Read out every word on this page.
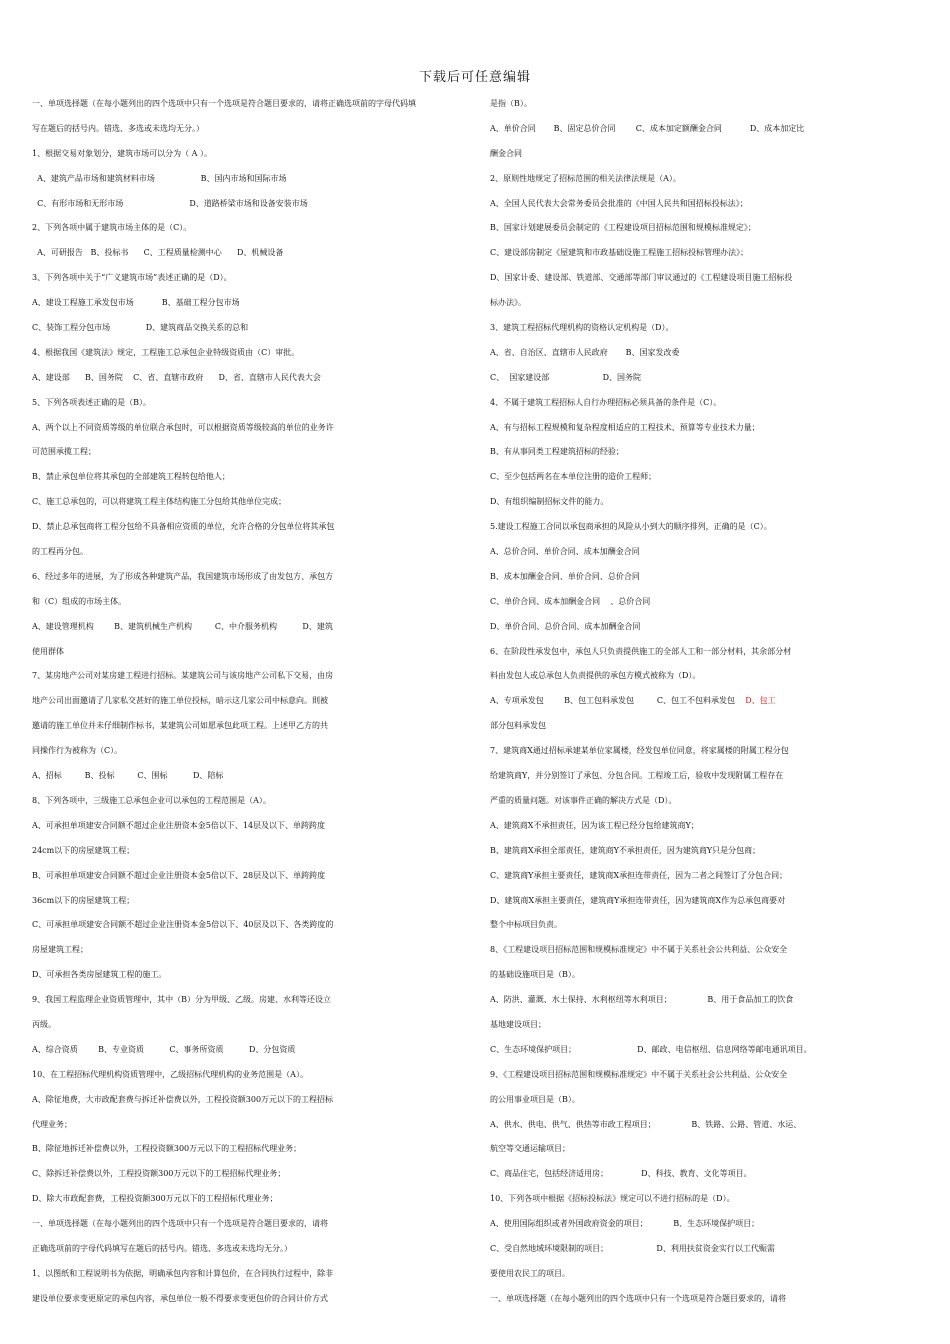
下载后可任意编辑
一、单项选择题（在每小题列出的四个选项中只有一个选项是符合题目要求的，请将正确选项前的字母代码填
写在题后的括号内。错选、多选或未选均无分。）
1、根据交易对象划分，建筑市场可以分为（ A ）。
A、建筑产品市场和建筑材料市场                  B、国内市场和国际市场
C、有形市场和无形市场                          D、道路桥梁市场和设备安装市场
2、下列各项中属于建筑市场主体的是（C）。
A、可研报告   B、投标书      C、工程质量检测中心      D、机械设备
3、下列各项中关于“广义建筑市场”表述正确的是（D）。
A、建设工程施工承发包市场           B、基础工程分包市场
C、装饰工程分包市场              D、建筑商品交换关系的总和
4、根据我国《建筑法》规定，工程施工总承包企业特级资质由（C）审批。
A、建设部      B、国务院    C、省、直辖市政府      D、省、直辖市人民代表大会
5、下列各项表述正确的是（B）。
A、两个以上不同资质等级的单位联合承包时，可以根据资质等级较高的单位的业务许
可范围承揽工程；
B、禁止承包单位将其承包的全部建筑工程转包给他人；
C、施工总承包的，可以将建筑工程主体结构施工分包给其他单位完成；
D、禁止总承包商将工程分包给不具备相应资质的单位，允许合格的分包单位将其承包
的工程再分包。
6、经过多年的进展，为了形成各种建筑产品，我国建筑市场形成了由发包方、承包方
和（C）组成的市场主体。
A、建设管理机构        B、建筑机械生产机构         C、中介服务机构          D、建筑
使用群体
7、某房地产公司对某房建工程进行招标。某建筑公司与该房地产公司私下交易，由房
地产公司出面邀请了几家私交甚好的施工单位投标，暗示这几家公司中标意向。則被
邀请的施工单位并未仔细制作标书，某建筑公司如愿承包此项工程。上述甲乙方的共
同操作行为被称为（C）。
A、招标         B、投标         C、围标          D、陪标
8、下列各项中，三级施工总承包企业可以承包的工程范围是（A）。
A、可承担单项建安合同额不超过企业注册资本金5倍以下、14层及以下、单跨跨度
24cm以下的房屋建筑工程；
B、可承担单项建安合同额不超过企业注册资本金5倍以下、28层及以下、单跨跨度
36cm以下的房屋建筑工程；
C、可承担单项建安合同额不超过企业注册资本金5倍以下、40层及以下、各类跨度的
房屋建筑工程；
D、可承担各类房屋建筑工程的施工。
9、我国工程监理企业资质管理中，其中（B）分为甲级、乙级。房建、水利等还设立
丙级。
A、综合资质        B、专业资质          C、事务所资质          D、分包资质
10、在工程招标代理机构资质管理中，乙级招标代理机构的业务范围是（A）。
A、除征地费，大市政配套费与拆迁补偿费以外，工程投资额300万元以下的工程招标
代理业务；
B、除征地拆迁补偿费以外，工程投资额300万元以下的工程招标代理业务；
C、除拆迁补偿费以外，工程投资额300万元以下的工程招标代理业务；
D、除大市政配套费，工程投资额300万元以下的工程招标代理业务；
一、单项选择题（在每小题列出的四个选项中只有一个选项是符合题目要求的，请将
正确选项前的字母代码填写在题后的括号内。错选、多选或未选均无分。）
1、以图纸和工程说明书为依据，明确承包内容和计算包价，在合同执行过程中，除非
建设单位要求变更原定的承包内容，承包单位一般不得要求变更包价的合同计价方式
是指（B）。
A、单价合同       B、固定总价合同        C、成本加定额酬金合同           D、成本加定比
酬金合同
2、原则性地规定了招标范围的相关法律法规是（A）。
A、全国人民代表大会常务委员会批准的《中国人民共和国招标投标法》；
B、国家计划建展委员会制定的《工程建设项目招标范围和规模标准规定》；
C、建设部房制定《屋建筑和市政基础设施工程施工招标投标管理办法》；
D、国家计委、建设部、铁道部、交通部等部门审议通过的《工程建设项目施工招标投
标办法》。
3、建筑工程招标代理机构的资格认定机构是（D）。
A、省、自治区、直辖市人民政府       B、国家发改委
C、  国家建设部                     D、国务院
4、不属于建筑工程招标人自行办理招标必须具备的条件是（C）。
A、有与招标工程规模和复杂程度相适应的工程技术、预算等专业技术力量；
B、有从事同类工程建筑招标的经验；
C、至少包括两名在本单位注册的造价工程师；
D、有组织编制招标文件的能力。
5.建设工程施工合同以承包商承担的风险从小到大的顺序排列，正确的是（C）。
A、总价合同、单价合同、成本加酬金合同
B、成本加酬金合同、单价合同、总价合同
C、单价合同、成本加酬金合同    、总价合同
D、单价合同、总价合同、成本加酬金合同
6、在阶段性承发包中，承包人只负责提供施工的全部人工和一部分材料，其余部分材
料由发包人或总承包人负责提供的承包方模式被称为（D）。
A、专项承发包        B、包工包料承发包         C、包工不包料承发包 D、包工
部分包料承发包
7、建筑商X通过招标承建某单位家属楼，经发包单位同意，将家属楼的附属工程分包
给建筑商Y，并分别签订了承包、分包合同。工程竣工后，验收中发现附属工程存在
严重的质量问题。对该事件正确的解决方式是（D）。
A、建筑商X不承担责任，因为该工程已经分包给建筑商Y；
B、建筑商X承担全部责任，建筑商Y不承担责任，因为建筑商Y只是分包商；
C、建筑商Y承担主要责任，建筑商X承担连带责任，因为二者之间签订了分包合同；
D、建筑商X承担主要责任，建筑商Y承担连带责任，因为建筑商X作为总承包商要对
整个中标项目负责。
8、《工程建设项目招标范围和规模标准规定》中不属于关系社会公共利益、公众安全
的基础设施项目是（B）。
A、防洪、灌溉、水土保持、水利枢纽等水利项目；              B、用于食品加工的饮食
基地建设项目；
C、生态环境保护项目；                        D、邮政、电信枢纽、信息网络等邮电通讯项目。
9、《工程建设项目招标范围和规模标准规定》中不属于关系社会公共利益、公众安全
的公用事业项目是（B）。
A、供水、供电、供气、供热等市政工程项目；              B、铁路、公路、管道、水运、
航空等交通运输项目；
C、商品住宅，包括经济适用房；             D、科技、教育、文化等项目。
10、下列各项中根据《招标投标法》规定可以不进行招标的是（D）。
A、使用国际组织或者外国政府资金的项目；          B、生态环境保护项目；
C、受自然地域环境限制的项目；                   D、利用扶贫资金实行以工代赈需
要使用农民工的项目。
一、单项选择题（在每小题列出的四个选项中只有一个选项是符合题目要求的，请将
